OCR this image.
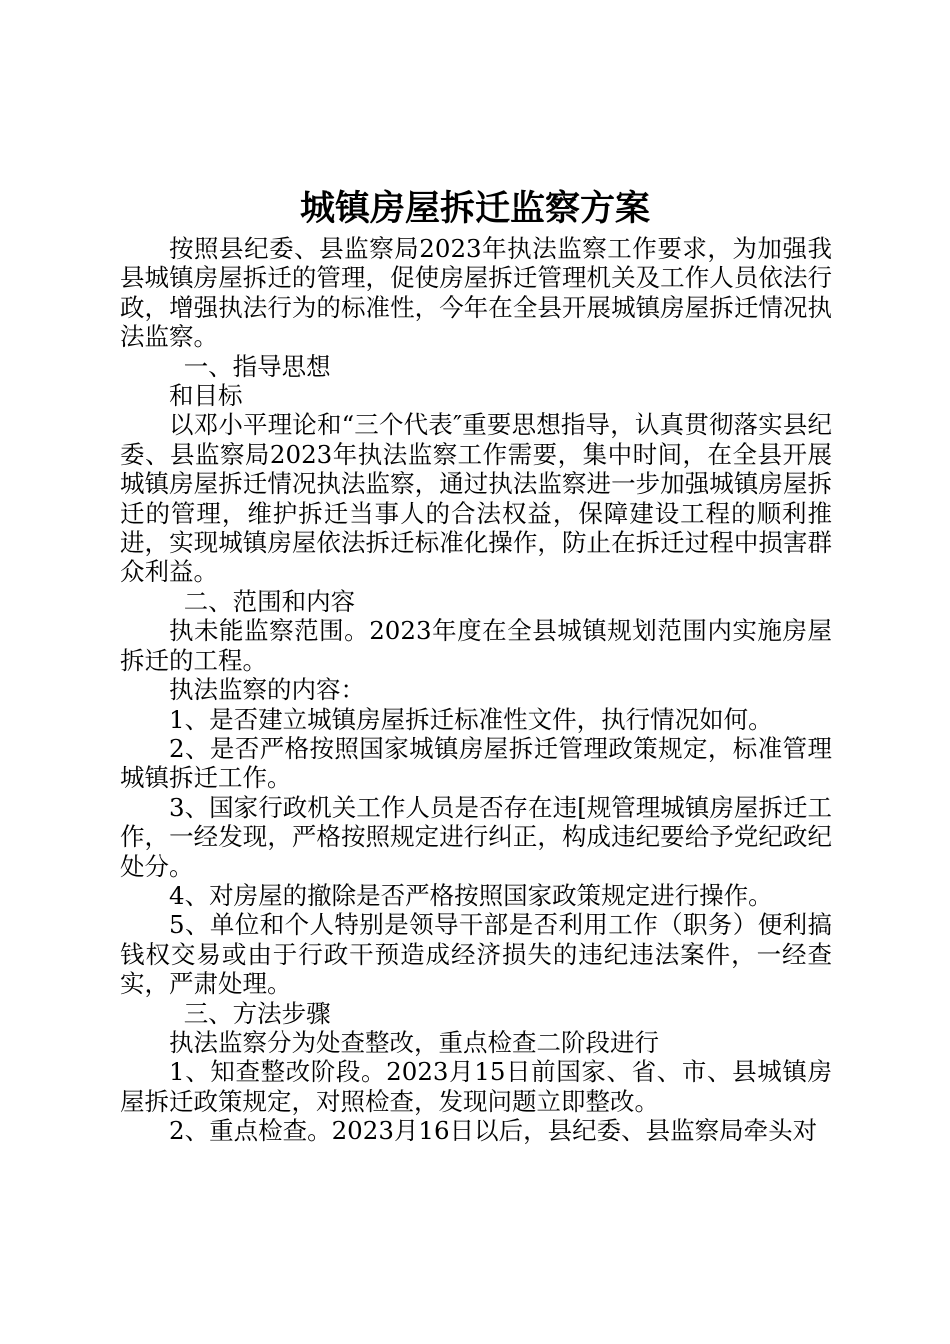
城镇房屋拆迁监察方案

按照县纪委、县监察局2023年执法监察工作要求，为加强我县城镇房屋拆迁的管理，促使房屋拆迁管理机关及工作人员依法行政，增强执法行为的标准性，今年在全县开展城镇房屋拆迁情况执法监察。

一、指导思想

和目标

以邓小平理论和“三个代表″重要思想指导，认真贯彻落实县纪委、县监察局2023年执法监察工作需要，集中时间，在全县开展城镇房屋拆迁情况执法监察，通过执法监察进一步加强城镇房屋拆迁的管理，维护拆迁当事人的合法权益，保障建设工程的顺利推进，实现城镇房屋依法拆迁标准化操作，防止在拆迁过程中损害群众利益。

二、范围和内容

执未能监察范围。2023年度在全县城镇规划范围内实施房屋拆迁的工程。

执法监察的内容：

1、是否建立城镇房屋拆迁标准性文件，执行情况如何。

2、是否严格按照国家城镇房屋拆迁管理政策规定，标准管理城镇拆迁工作。

3、国家行政机关工作人员是否存在违[规管理城镇房屋拆迁工作，一经发现，严格按照规定进行纠正，构成违纪要给予党纪政纪处分。

4、对房屋的撤除是否严格按照国家政策规定进行操作。

5、单位和个人特别是领导干部是否利用工作（职务）便利搞钱权交易或由于行政干预造成经济损失的违纪违法案件，一经查实，严肃处理。

三、方法步骤

执法监察分为处查整改，重点检查二阶段进行

1、知查整改阶段。2023月15日前国家、省、市、县城镇房屋拆迁政策规定，对照检查，发现问题立即整改。

2、重点检查。2023月16日以后，县纪委、县监察局牵头对
